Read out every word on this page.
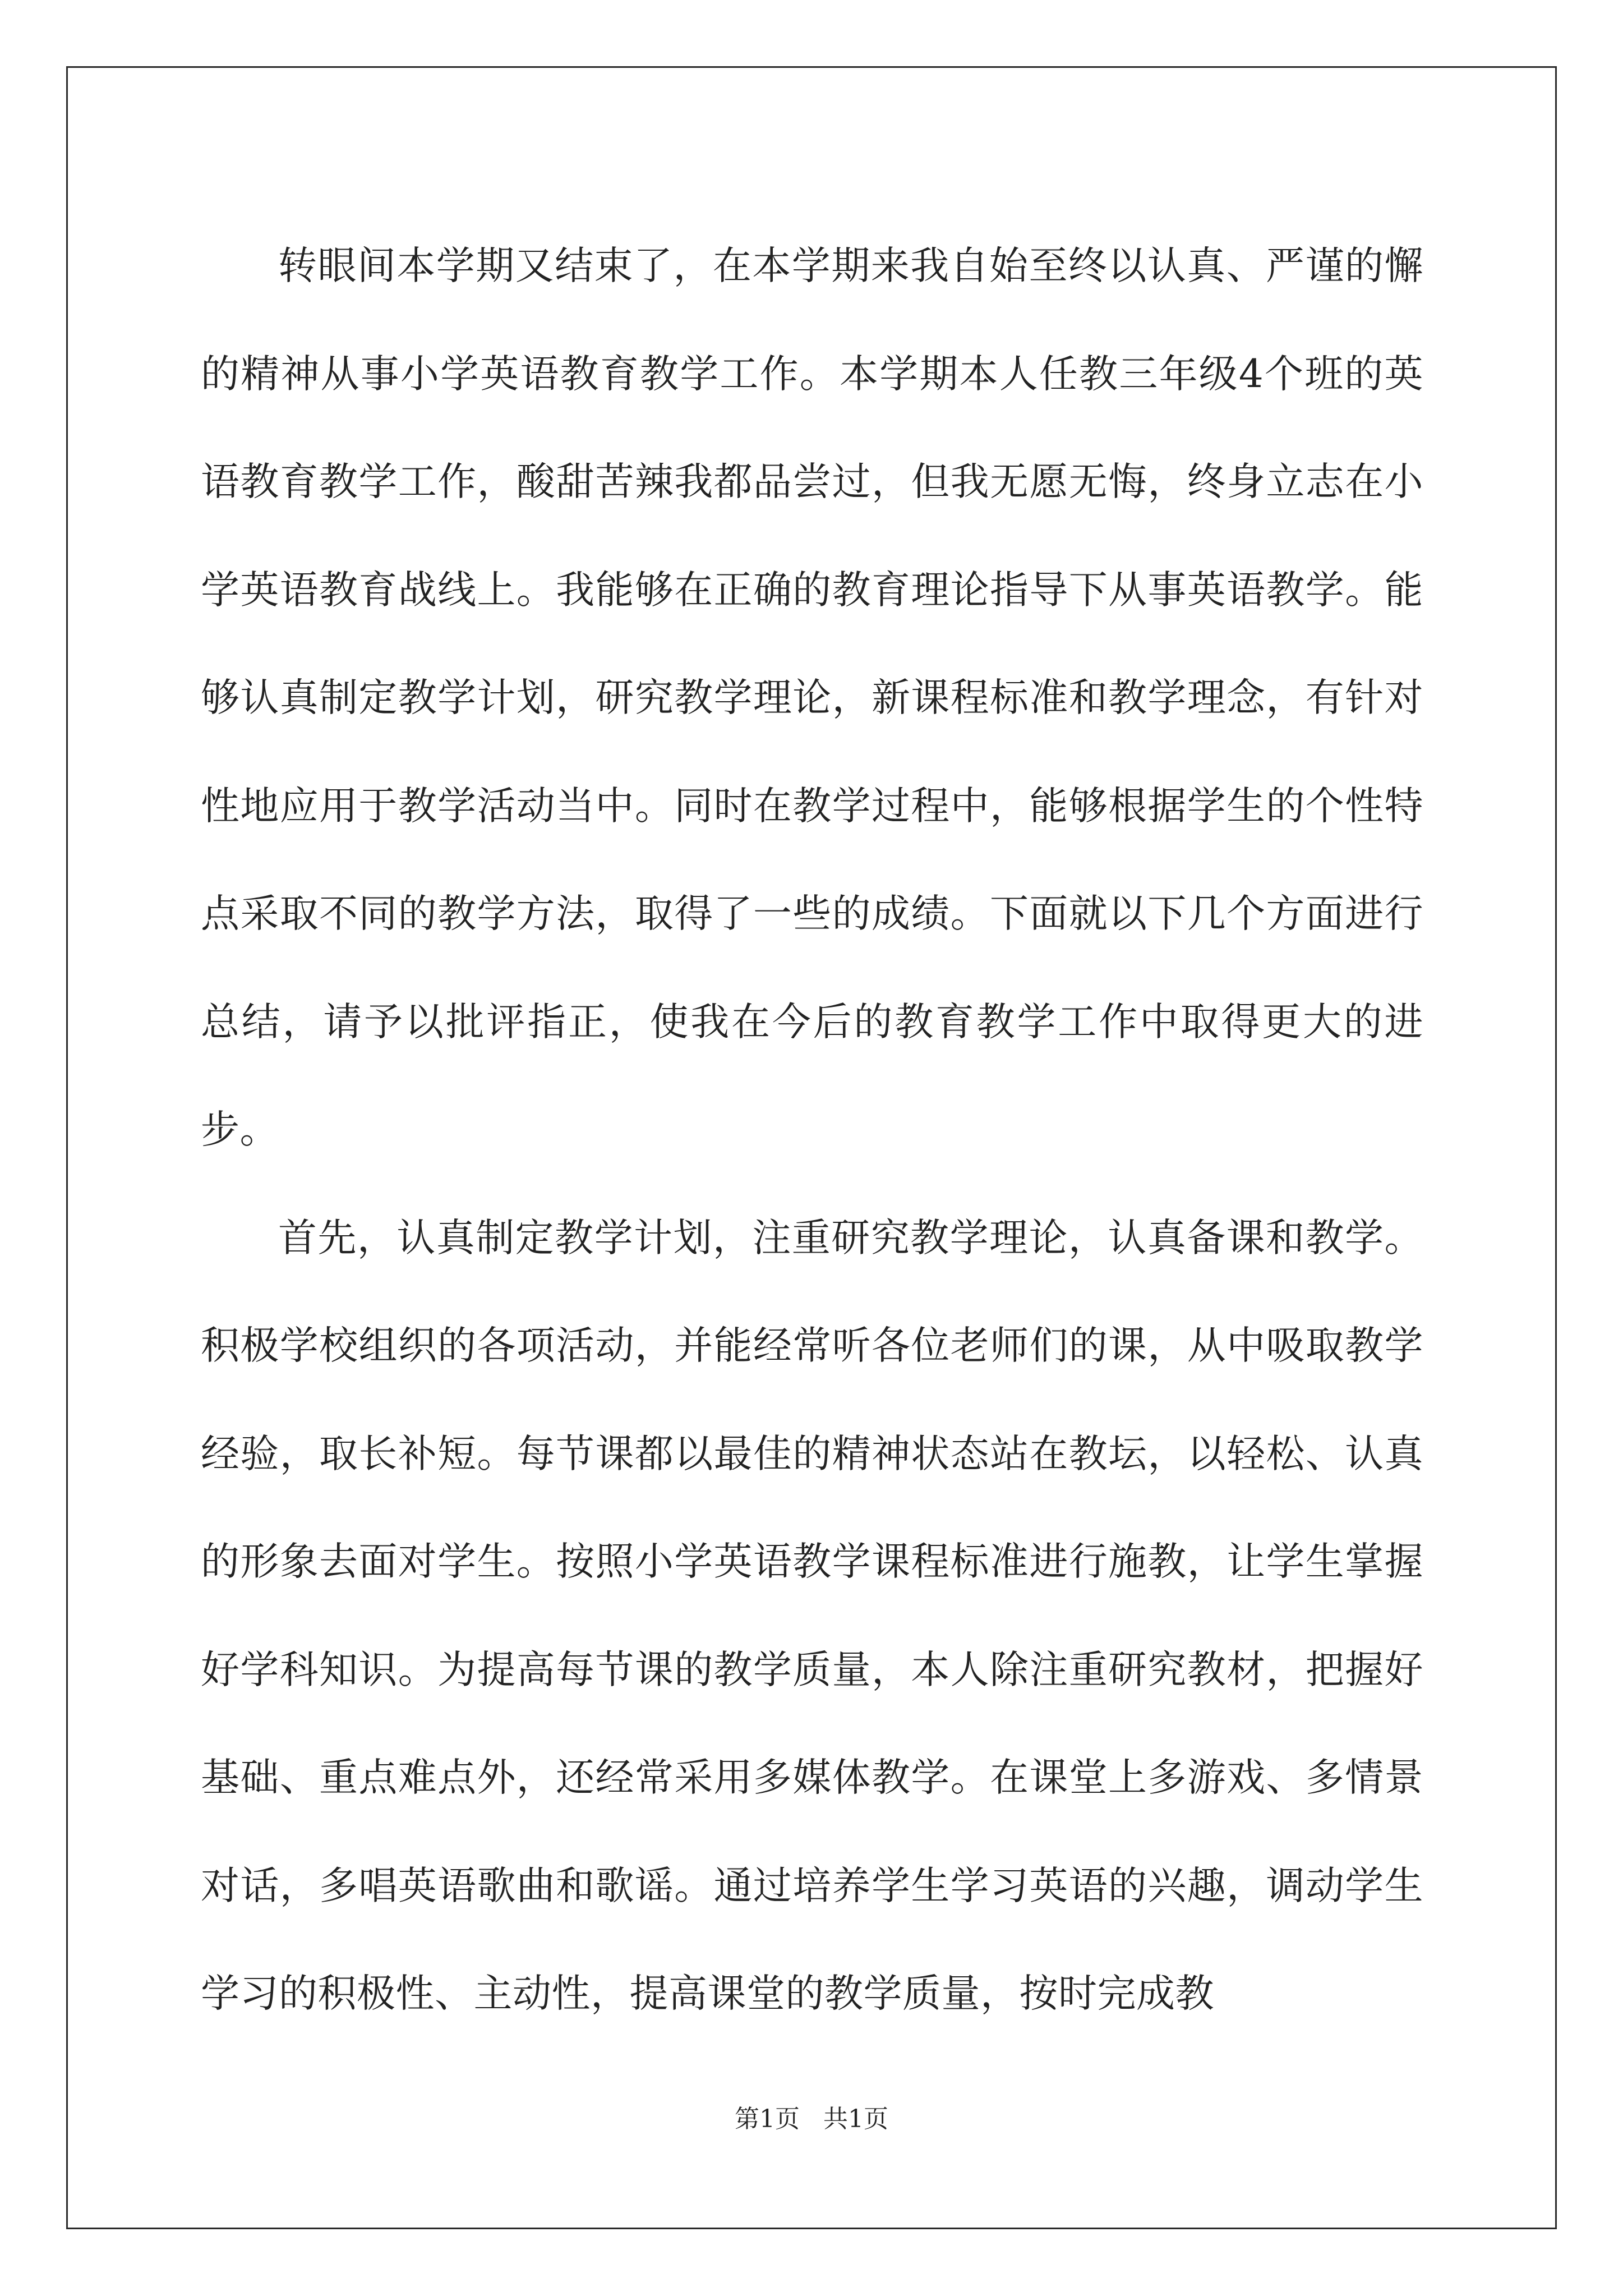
转眼间本学期又结束了，在本学期来我自始至终以认真、严谨的懈的精神从事小学英语教育教学工作。本学期本人任教三年级4个班的英语教育教学工作，酸甜苦辣我都品尝过，但我无愿无悔，终身立志在小学英语教育战线上。我能够在正确的教育理论指导下从事英语教学。能够认真制定教学计划，研究教学理论，新课程标准和教学理念，有针对性地应用于教学活动当中。同时在教学过程中，能够根据学生的个性特点采取不同的教学方法，取得了一些的成绩。下面就以下几个方面进行总结，请予以批评指正，使我在今后的教育教学工作中取得更大的进步。

首先，认真制定教学计划，注重研究教学理论，认真备课和教学。积极学校组织的各项活动，并能经常听各位老师们的课，从中吸取教学经验，取长补短。每节课都以最佳的精神状态站在教坛，以轻松、认真的形象去面对学生。按照小学英语教学课程标准进行施教，让学生掌握好学科知识。为提高每节课的教学质量，本人除注重研究教材，把握好基础、重点难点外，还经常采用多媒体教学。在课堂上多游戏、多情景对话，多唱英语歌曲和歌谣。通过培养学生学习英语的兴趣，调动学生学习的积极性、主动性，提高课堂的教学质量，按时完成教

第1页 共1页
